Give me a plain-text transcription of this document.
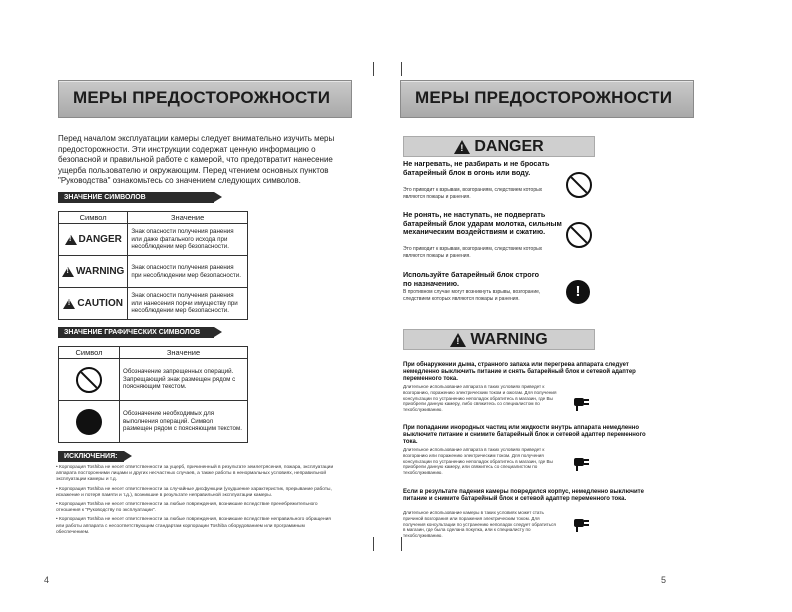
МЕРЫ ПРЕДОСТОРОЖНОСТИ
Перед началом эксплуатации камеры следует внимательно изучить меры предосторожности. Эти инструкции содержат ценную информацию о безопасной и правильной работе с камерой, что предотвратит нанесение ущерба пользователю и окружающим. Перед чтением основных пунктов "Руководства" ознакомьтесь со значением следующих символов.
ЗНАЧЕНИЕ СИМВОЛОВ
Символ	Значение

!
DANGER	Знак опасности получения ранения или даже фатального исхода при несоблюдении мер безопасности.

!
WARNING	Знак опасности получения ранения при несоблюдении мер безопасности.

!
CAUTION	Знак опасности получения ранения или нанесения порчи имуществу при несоблюдении мер безопасности.
ЗНАЧЕНИЕ ГРАФИЧЕСКИХ СИМВОЛОВ
Символ	Значение

	Обозначение запрещенных операций. Запрещающий знак размещен рядом с поясняющим текстом.

	Обозначение необходимых для выполнения операций. Символ размещен рядом с поясняющим текстом.
ИСКЛЮЧЕНИЯ:

• Корпорация Toshiba не несет ответственности за ущерб, причиненный в результате землетрясения, пожара, эксплуатации аппарата посторонними лицами и других несчастных случаев, а также работы в ненормальных условиях, неправильной эксплуатации камеры и т.д.

• Корпорация Toshiba не несет ответственности за случайные дисфункции (ухудшение характеристик, прерывание работы, искажение и потеря памяти и т.д.), возникшие в результате неправильной эксплуатации камеры.

• Корпорация Toshiba не несет ответственности за любые повреждения, возникшие вследствие пренебрежительного отношения к "Руководству по эксплуатации".

• Корпорация Toshiba не несет ответственности за любые повреждения, возникшие вследствие неправильного обращения или работы аппарата с несоответствующим стандартам корпорации Toshiba оборудованием или программным обеспечением.

4
МЕРЫ ПРЕДОСТОРОЖНОСТИ
!
DANGER
Не нагревать, не разбирать и не бросать батарейный блок в огонь или воду.
Это приводит к взрывам, возгораниям, следствием которых являются пожары и ранения.
Не ронять, не наступать, не подвергать батарейный блок ударам молотка, сильным механическим воздействиям и сжатию.
Это приводит к взрывам, возгораниям, следствием которых являются пожары и ранения.
Используйте батарейный блок строго по назначению.
В противном случае могут возникнуть взрывы, возгорание, следствием которых являются пожары и ранения.	!
!
WARNING
При обнаружении дыма, странного запаха или перегрева аппарата следует немедленно выключить питание и снять батарейный блок и сетевой адаптер переменного тока.
Длительное использование аппарата в таких условиях приведет к возгоранию, поражению электрическим током и ожогам. Для получения консультации по устранению неполадок обратитесь в магазин, где Вы приобрели данную камеру, либо свяжитесь со специалистом по техобслуживанию.
При попадании инородных частиц или жидкости внутрь аппарата немедленно выключите питание и снимите батарейный блок и сетевой адаптер переменного тока.
Длительное использование аппарата в таких условиях приведет к возгоранию или поражению электрическим током. Для получения консультации по устранению неполадок обратитесь в магазин, где Вы приобрели данную камеру, или свяжитесь со специалистом по техобслуживанию.
Если в результате падения камеры повредился корпус, немедленно выключите питание и снимите батарейный блок и сетевой адаптер переменного тока.
Длительное использование камеры в таких условиях может стать причиной возгорания или поражения электрическим током. Для получения консультации по устранению неполадок следует обратиться в магазин, где была сделана покупка, или к специалисту по техобслуживанию.
5
